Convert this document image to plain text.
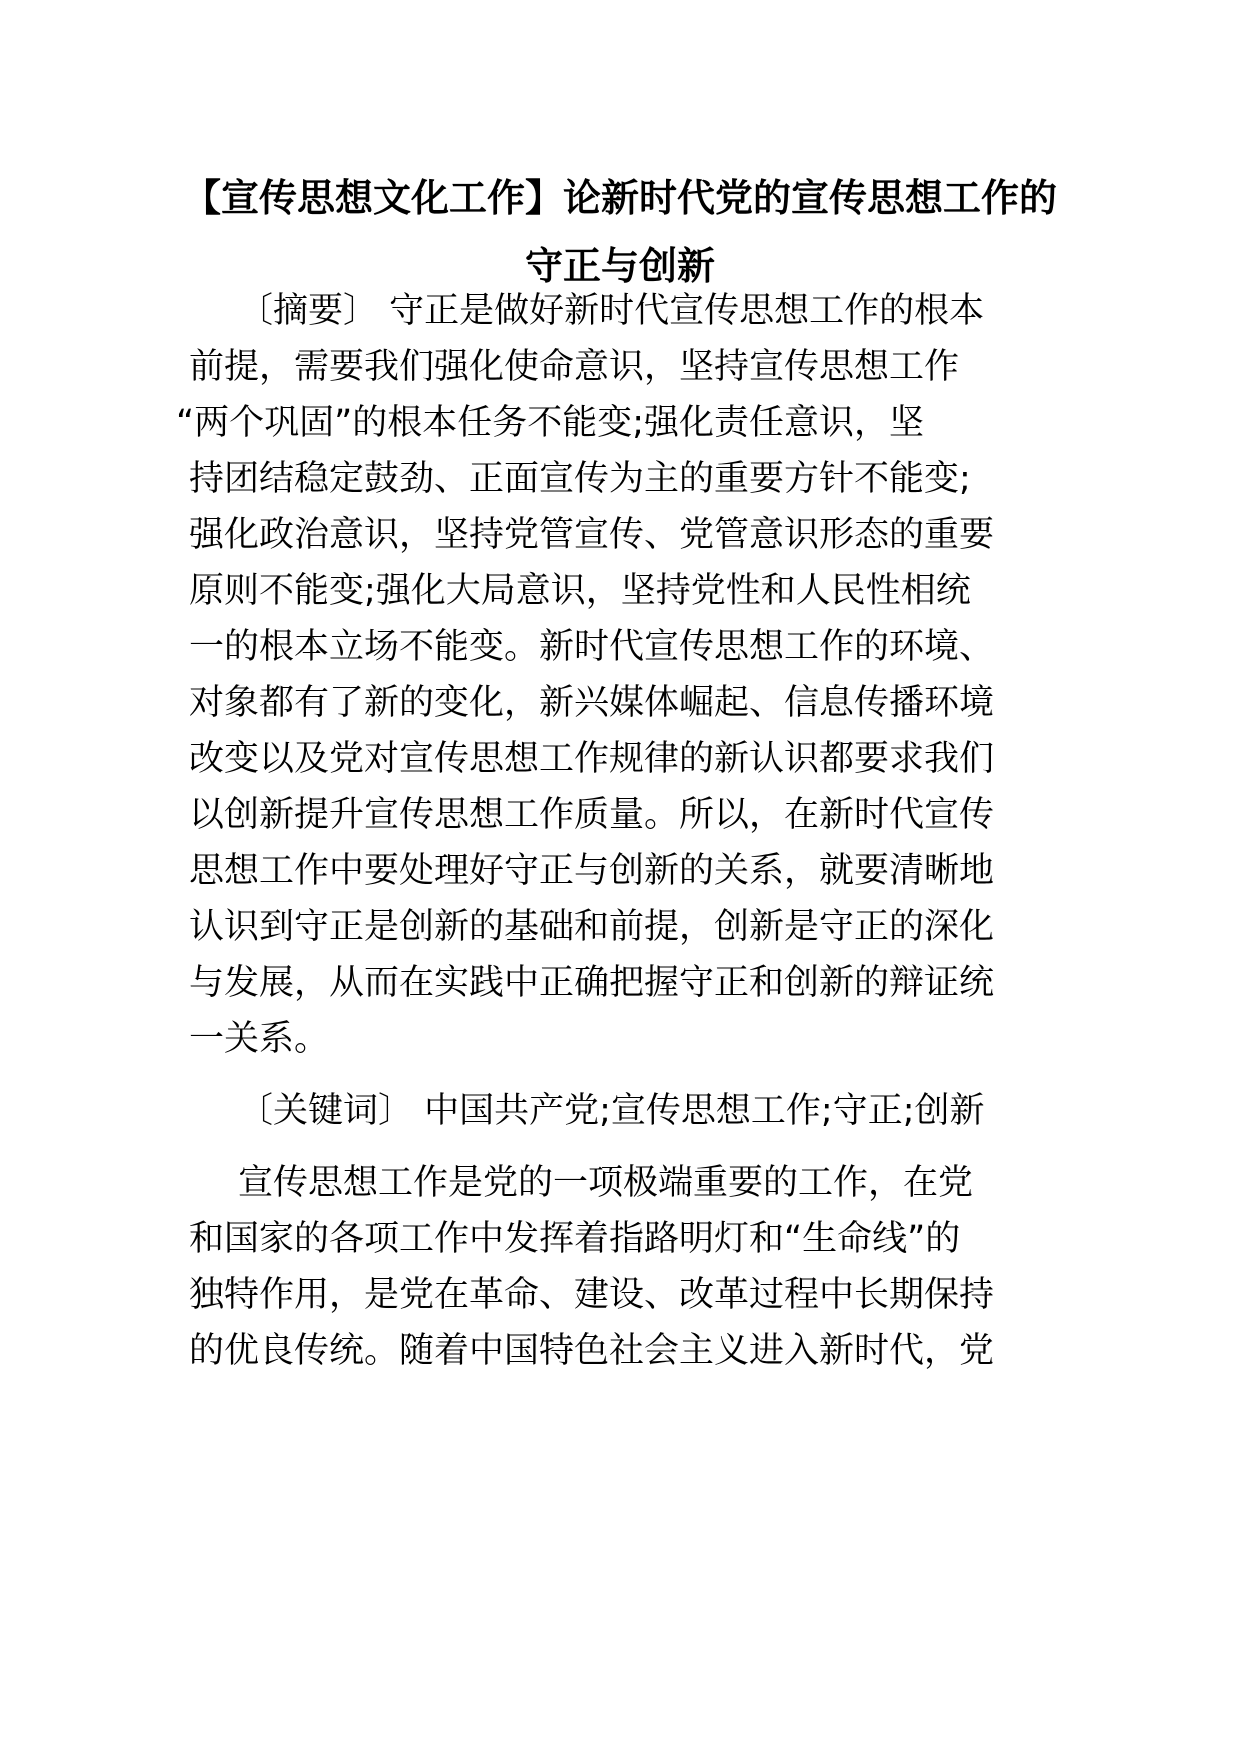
【宣传思想文化工作】论新时代党的宣传思想工作的
守正与创新

〔摘要〕 守正是做好新时代宣传思想工作的根本

前提，需要我们强化使命意识，坚持宣传思想工作

“两个巩固”的根本任务不能变;强化责任意识，坚

持团结稳定鼓劲、正面宣传为主的重要方针不能变;

强化政治意识，坚持党管宣传、党管意识形态的重要

原则不能变;强化大局意识，坚持党性和人民性相统

一的根本立场不能变。新时代宣传思想工作的环境、

对象都有了新的变化，新兴媒体崛起、信息传播环境

改变以及党对宣传思想工作规律的新认识都要求我们

以创新提升宣传思想工作质量。所以，在新时代宣传

思想工作中要处理好守正与创新的关系，就要清晰地

认识到守正是创新的基础和前提，创新是守正的深化

与发展，从而在实践中正确把握守正和创新的辩证统

一关系。

〔关键词〕 中国共产党;宣传思想工作;守正;创新

宣传思想工作是党的一项极端重要的工作，在党

和国家的各项工作中发挥着指路明灯和“生命线”的

独特作用，是党在革命、建设、改革过程中长期保持

的优良传统。随着中国特色社会主义进入新时代，党
